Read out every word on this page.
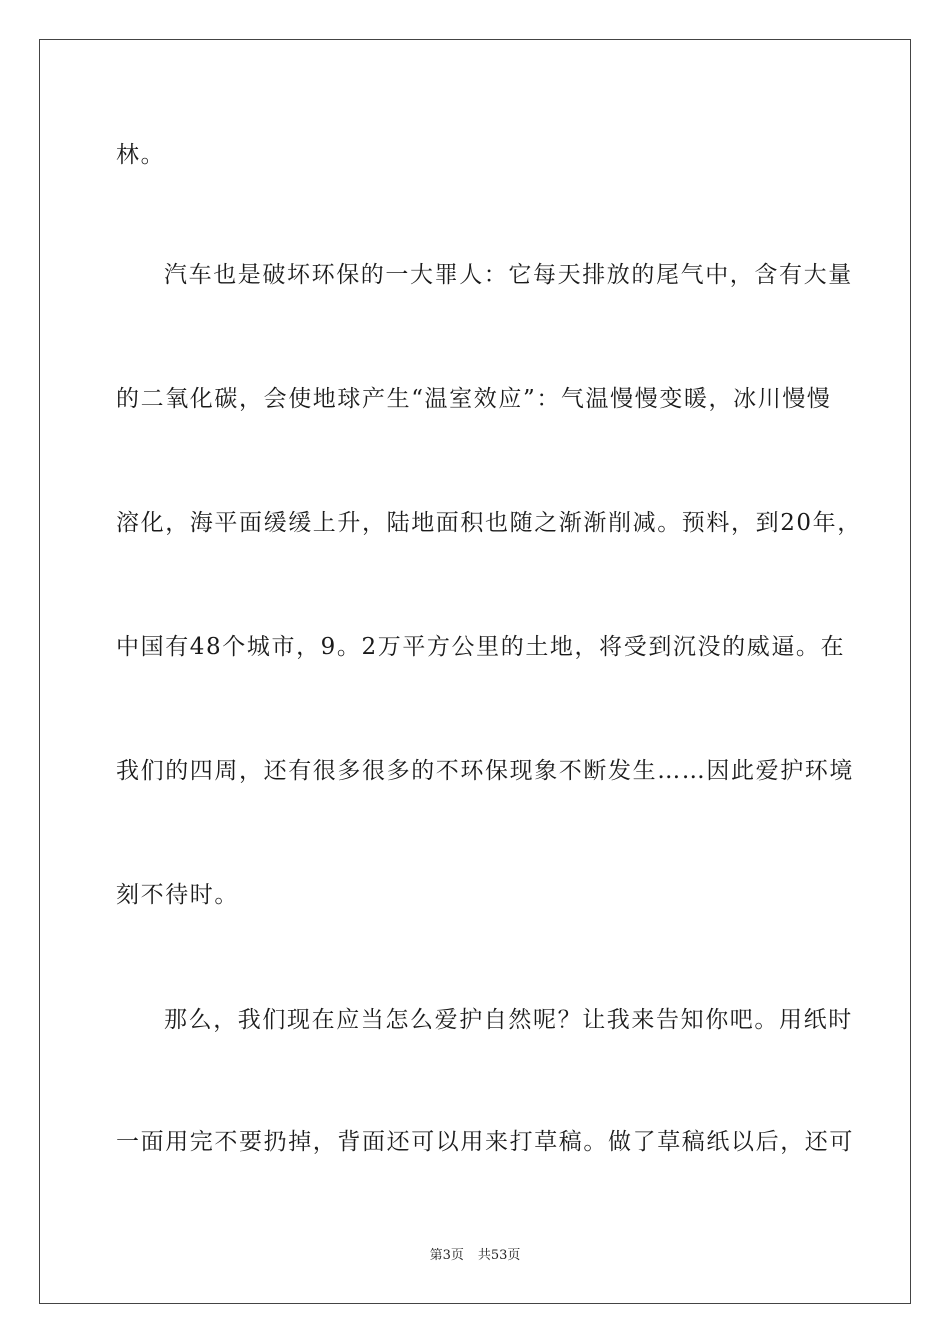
林。
汽车也是破坏环保的一大罪人：它每天排放的尾气中，含有大量
的二氧化碳，会使地球产生“温室效应”：气温慢慢变暖，冰川慢慢
溶化，海平面缓缓上升，陆地面积也随之渐渐削减。预料，到20年，
中国有48个城市，9。2万平方公里的土地，将受到沉没的威逼。在
我们的四周，还有很多很多的不环保现象不断发生……因此爱护环境
刻不待时。
那么，我们现在应当怎么爱护自然呢？让我来告知你吧。用纸时
一面用完不要扔掉，背面还可以用来打草稿。做了草稿纸以后，还可
第3页 共53页
